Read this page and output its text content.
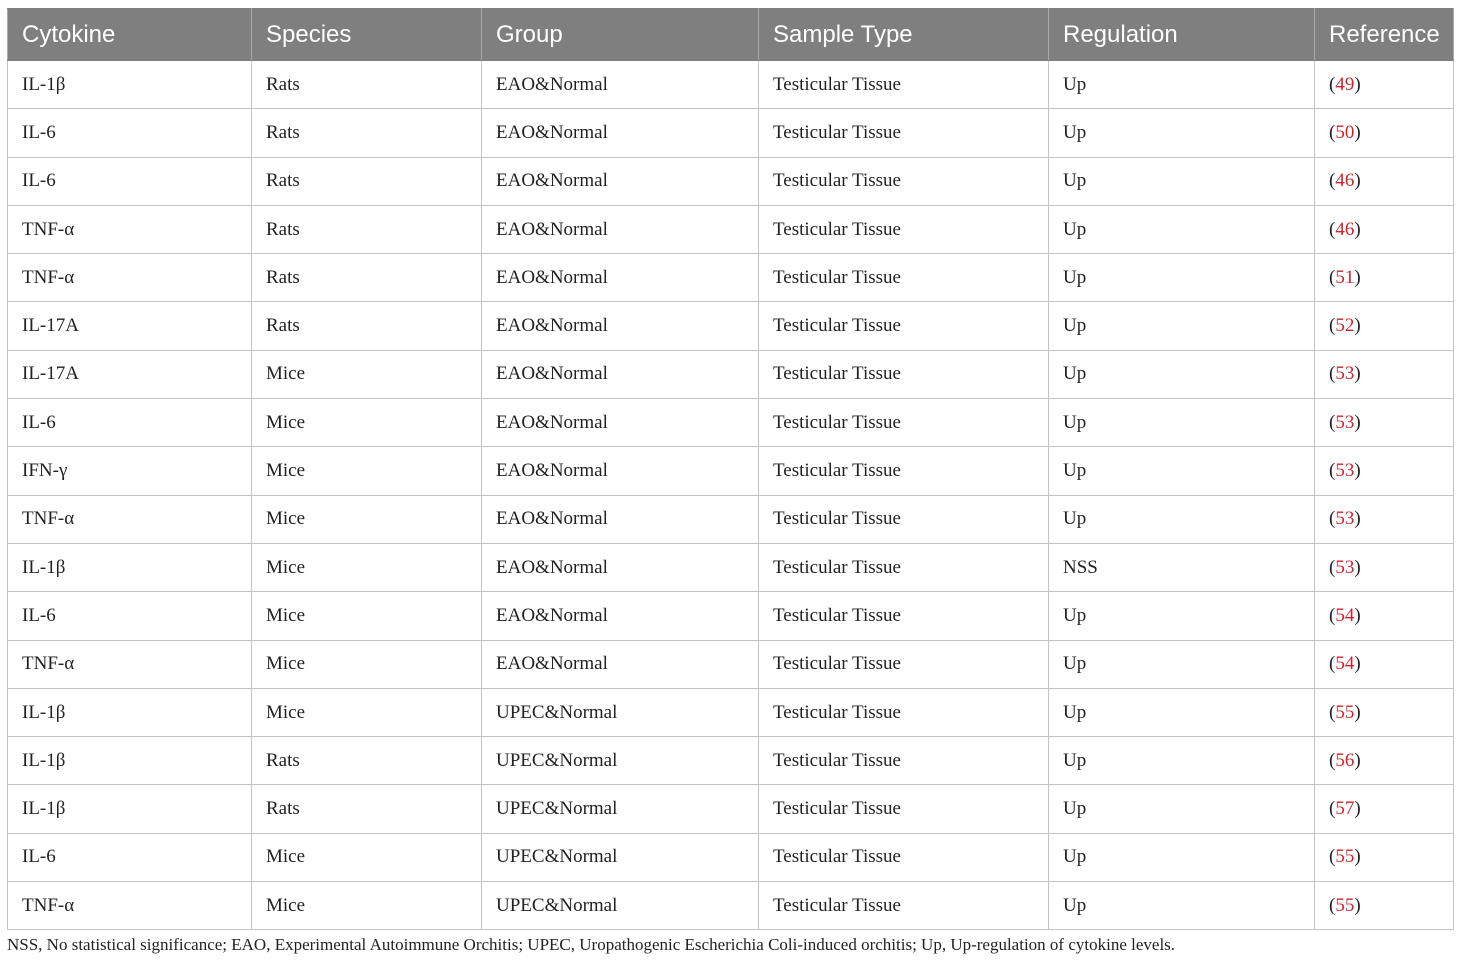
Cytokine	Species	Group	Sample Type	Regulation	Reference
IL-1β	Rats	EAO&Normal	Testicular Tissue	Up	(49)
IL-6	Rats	EAO&Normal	Testicular Tissue	Up	(50)
IL-6	Rats	EAO&Normal	Testicular Tissue	Up	(46)
TNF-α	Rats	EAO&Normal	Testicular Tissue	Up	(46)
TNF-α	Rats	EAO&Normal	Testicular Tissue	Up	(51)
IL-17A	Rats	EAO&Normal	Testicular Tissue	Up	(52)
IL-17A	Mice	EAO&Normal	Testicular Tissue	Up	(53)
IL-6	Mice	EAO&Normal	Testicular Tissue	Up	(53)
IFN-γ	Mice	EAO&Normal	Testicular Tissue	Up	(53)
TNF-α	Mice	EAO&Normal	Testicular Tissue	Up	(53)
IL-1β	Mice	EAO&Normal	Testicular Tissue	NSS	(53)
IL-6	Mice	EAO&Normal	Testicular Tissue	Up	(54)
TNF-α	Mice	EAO&Normal	Testicular Tissue	Up	(54)
IL-1β	Mice	UPEC&Normal	Testicular Tissue	Up	(55)
IL-1β	Rats	UPEC&Normal	Testicular Tissue	Up	(56)
IL-1β	Rats	UPEC&Normal	Testicular Tissue	Up	(57)
IL-6	Mice	UPEC&Normal	Testicular Tissue	Up	(55)
TNF-α	Mice	UPEC&Normal	Testicular Tissue	Up	(55)
NSS, No statistical significance; EAO, Experimental Autoimmune Orchitis; UPEC, Uropathogenic Escherichia Coli-induced orchitis; Up, Up-regulation of cytokine levels.
